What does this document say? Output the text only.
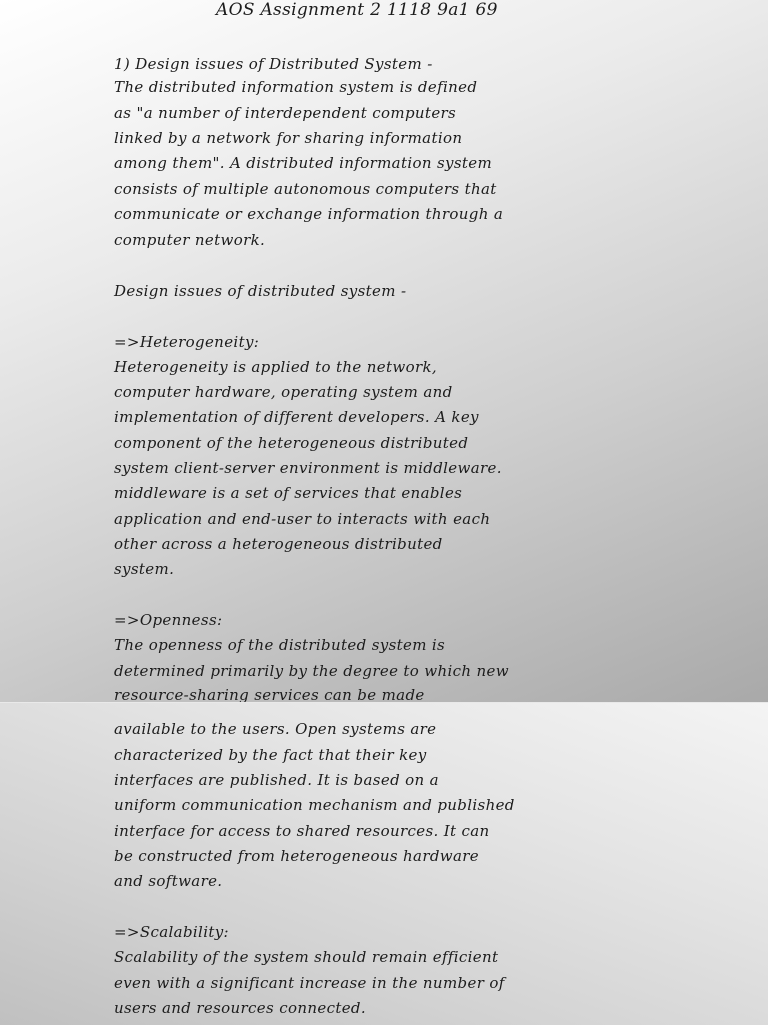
AOS Assignment 2 1118 9a1 69

1) Design issues of Distributed System -

The distributed information system is defined

as "a number of interdependent computers

linked by a network for sharing information

among them". A distributed information system

consists of multiple autonomous computers that

communicate or exchange information through a

computer network.

Design issues of distributed system -

=>Heterogeneity:

Heterogeneity is applied to the network,

computer hardware, operating system and

implementation of different developers. A key

component of the heterogeneous distributed

system client-server environment is middleware.

middleware is a set of services that enables

application and end-user to interacts with each

other across a heterogeneous distributed

system.

=>Openness:

The openness of the distributed system is

determined primarily by the degree to which new

resource-sharing services can be made

available to the users. Open systems are

characterized by the fact that their key

interfaces are published. It is based on a

uniform communication mechanism and published

interface for access to shared resources. It can

be constructed from heterogeneous hardware

and software.

=>Scalability:

Scalability of the system should remain efficient

even with a significant increase in the number of

users and resources connected.
